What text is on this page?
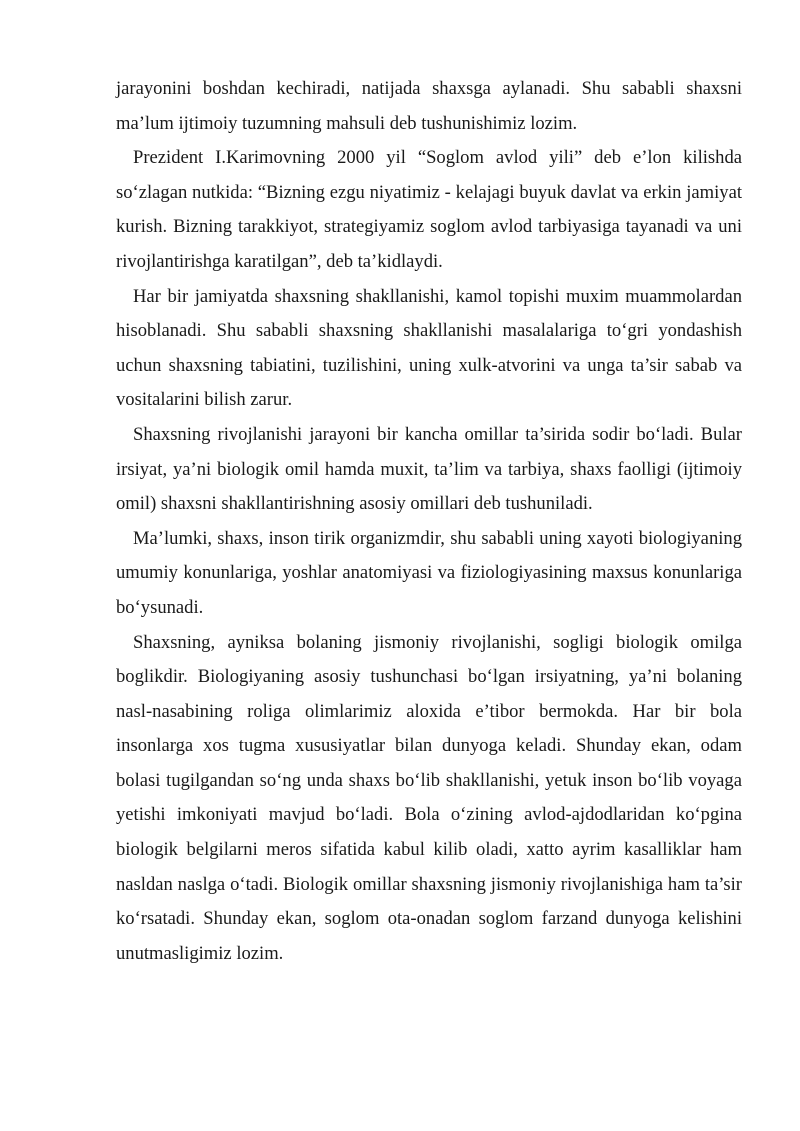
jarayonini boshdan kechiradi, natijada shaxsga aylanadi. Shu sababli shaxsni ma’lum ijtimoiy tuzumning mahsuli deb tushunishimiz lozim.

Prezident I.Karimovning 2000 yil “Soglom avlod yili” deb e’lon kilishda so‘zlagan nutkida: “Bizning ezgu niyatimiz - kelajagi buyuk davlat va erkin jamiyat kurish. Bizning tarakkiyot, strategiyamiz soglom avlod tarbiyasiga tayanadi va uni rivojlantirishga karatilgan”, deb ta’kidlaydi.

Har bir jamiyatda shaxsning shakllanishi, kamol topishi muxim muammolardan hisoblanadi. Shu sababli shaxsning shakllanishi masalalariga to‘gri yondashish uchun shaxsning tabiatini, tuzilishini, uning xulk-atvorini va unga ta’sir sabab va vositalarini bilish zarur.

Shaxsning rivojlanishi jarayoni bir kancha omillar ta’sirida sodir bo‘ladi. Bular irsiyat, ya’ni biologik omil hamda muxit, ta’lim va tarbiya, shaxs faolligi (ijtimoiy omil) shaxsni shakllantirishning asosiy omillari deb tushuniladi.

Ma’lumki, shaxs, inson tirik organizmdir, shu sababli uning xayoti biologiyaning umumiy konunlariga, yoshlar anatomiyasi va fiziologiyasining maxsus konunlariga bo‘ysunadi.

Shaxsning, ayniksa bolaning jismoniy rivojlanishi, sogligi biologik omilga boglikdir. Biologiyaning asosiy tushunchasi bo‘lgan irsiyatning, ya’ni bolaning nasl-nasabining roliga olimlarimiz aloxida e’tibor bermokda. Har bir bola insonlarga xos tugma xususiyatlar bilan dunyoga keladi. Shunday ekan, odam bolasi tugilgandan so‘ng unda shaxs bo‘lib shakllanishi, yetuk inson bo‘lib voyaga yetishi imkoniyati mavjud bo‘ladi. Bola o‘zining avlod-ajdodlaridan ko‘pgina biologik belgilarni meros sifatida kabul kilib oladi, xatto ayrim kasalliklar ham nasldan naslga o‘tadi. Biologik omillar shaxsning jismoniy rivojlanishiga ham ta’sir ko‘rsatadi. Shunday ekan, soglom ota-onadan soglom farzand dunyoga kelishini unutmasligimiz lozim.
